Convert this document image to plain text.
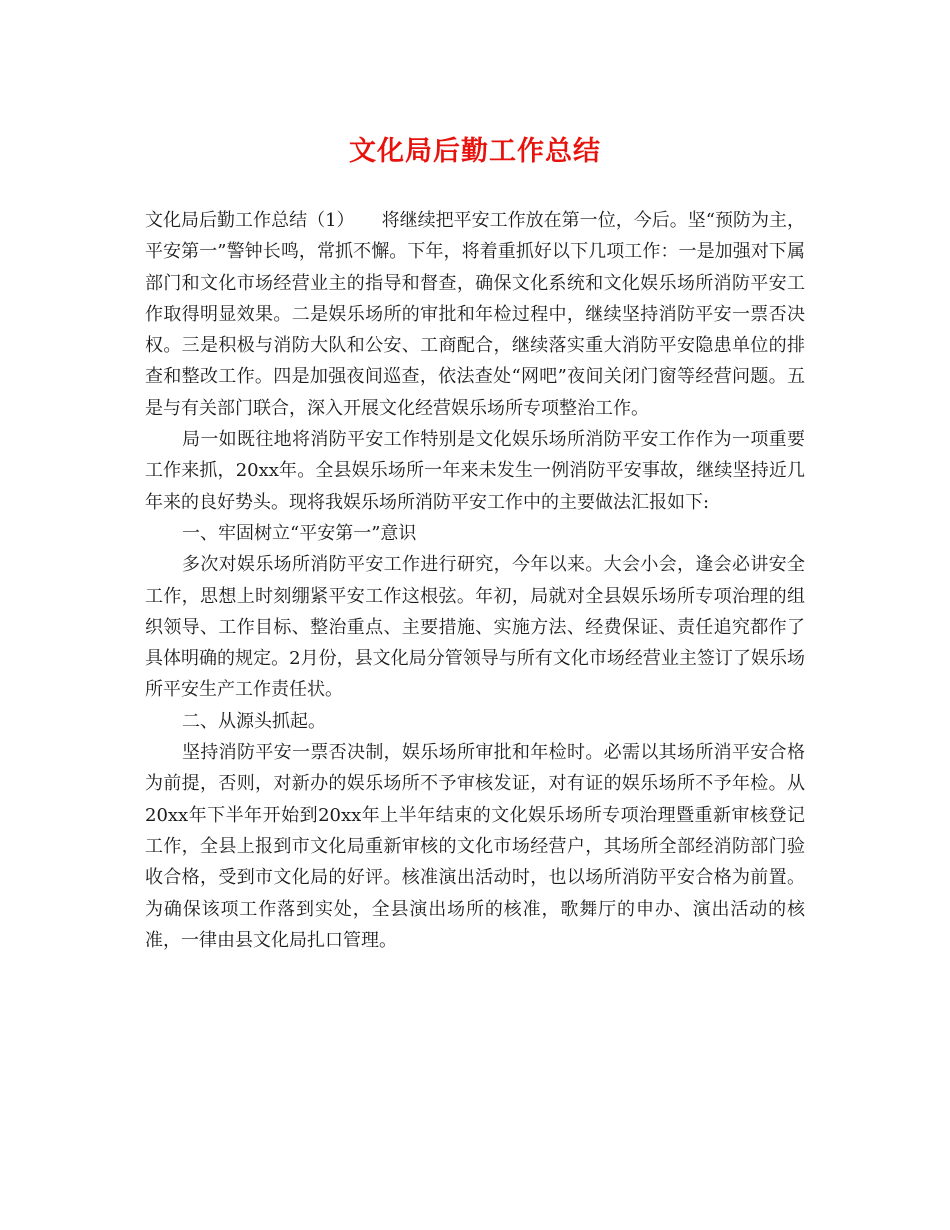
文化局后勤工作总结

文化局后勤工作总结（1）　　将继续把平安工作放在第一位，今后。坚“预防为主，平安第一”警钟长鸣，常抓不懈。下年，将着重抓好以下几项工作：一是加强对下属部门和文化市场经营业主的指导和督查，确保文化系统和文化娱乐场所消防平安工作取得明显效果。二是娱乐场所的审批和年检过程中，继续坚持消防平安一票否决权。三是积极与消防大队和公安、工商配合，继续落实重大消防平安隐患单位的排查和整改工作。四是加强夜间巡查，依法查处“网吧”夜间关闭门窗等经营问题。五是与有关部门联合，深入开展文化经营娱乐场所专项整治工作。

局一如既往地将消防平安工作特别是文化娱乐场所消防平安工作作为一项重要工作来抓，20xx年。全县娱乐场所一年来未发生一例消防平安事故，继续坚持近几年来的良好势头。现将我娱乐场所消防平安工作中的主要做法汇报如下:

一、牢固树立“平安第一”意识

多次对娱乐场所消防平安工作进行研究，今年以来。大会小会，逢会必讲安全工作，思想上时刻绷紧平安工作这根弦。年初，局就对全县娱乐场所专项治理的组织领导、工作目标、整治重点、主要措施、实施方法、经费保证、责任追究都作了具体明确的规定。2月份，县文化局分管领导与所有文化市场经营业主签订了娱乐场所平安生产工作责任状。

二、从源头抓起。

坚持消防平安一票否决制，娱乐场所审批和年检时。必需以其场所消平安合格为前提，否则，对新办的娱乐场所不予审核发证，对有证的娱乐场所不予年检。从20xx年下半年开始到20xx年上半年结束的文化娱乐场所专项治理暨重新审核登记工作，全县上报到市文化局重新审核的文化市场经营户，其场所全部经消防部门验收合格，受到市文化局的好评。核准演出活动时，也以场所消防平安合格为前置。为确保该项工作落到实处，全县演出场所的核准，歌舞厅的申办、演出活动的核准，一律由县文化局扎口管理。
